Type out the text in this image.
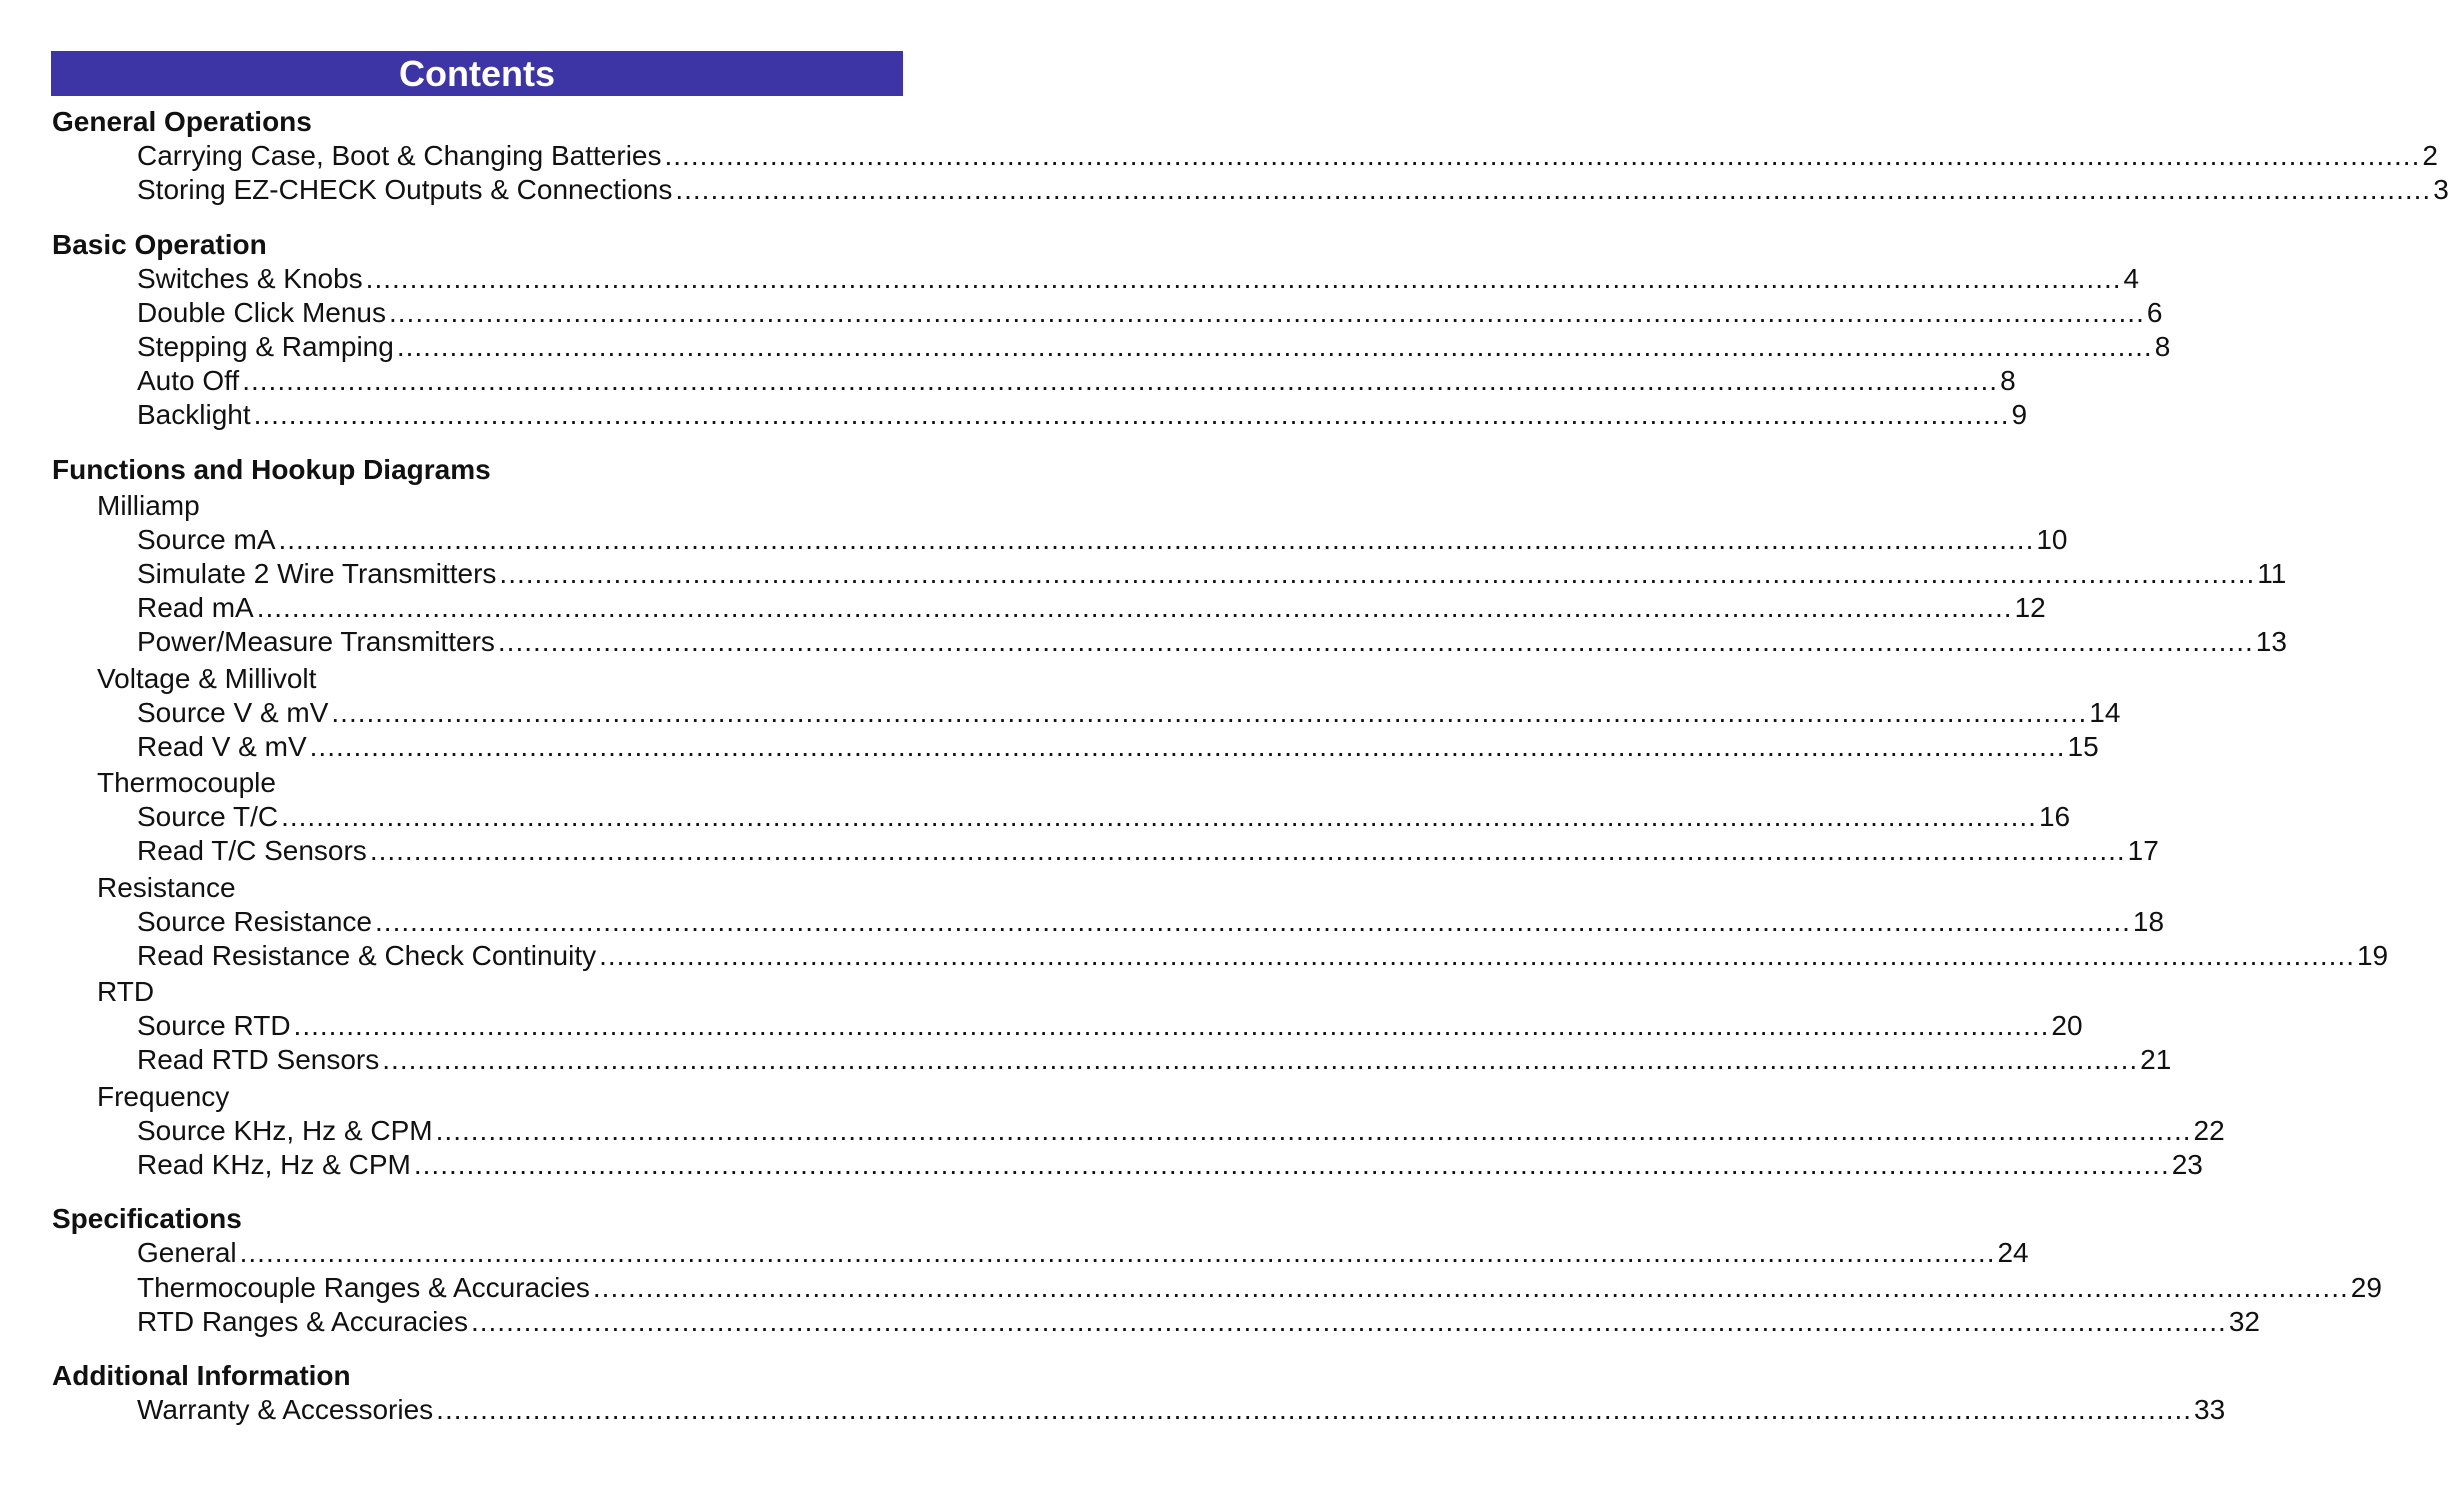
Contents
General Operations
Carrying Case, Boot & Changing Batteries ........................................................................................................................................................................................................ 2
Storing EZ-CHECK Outputs & Connections ........................................................................................................................................................................................................ 3
Basic Operation
Switches & Knobs ........................................................................................................................................................................................................ 4
Double Click Menus ........................................................................................................................................................................................................ 6
Stepping & Ramping ........................................................................................................................................................................................................ 8
Auto Off ........................................................................................................................................................................................................ 8
Backlight ........................................................................................................................................................................................................ 9
Functions and Hookup Diagrams
Milliamp
Source mA ........................................................................................................................................................................................................ 10
Simulate 2 Wire Transmitters ........................................................................................................................................................................................................ 11
Read mA ........................................................................................................................................................................................................ 12
Power/Measure Transmitters ........................................................................................................................................................................................................ 13
Voltage & Millivolt
Source V & mV ........................................................................................................................................................................................................ 14
Read V & mV ........................................................................................................................................................................................................ 15
Thermocouple
Source T/C ........................................................................................................................................................................................................ 16
Read T/C Sensors ........................................................................................................................................................................................................ 17
Resistance
Source Resistance ........................................................................................................................................................................................................ 18
Read Resistance & Check Continuity ........................................................................................................................................................................................................ 19
RTD
Source RTD ........................................................................................................................................................................................................ 20
Read RTD Sensors ........................................................................................................................................................................................................ 21
Frequency
Source KHz, Hz & CPM ........................................................................................................................................................................................................ 22
Read KHz, Hz & CPM ........................................................................................................................................................................................................ 23
Specifications
General ........................................................................................................................................................................................................ 24
Thermocouple Ranges & Accuracies ........................................................................................................................................................................................................ 29
RTD Ranges & Accuracies ........................................................................................................................................................................................................ 32
Additional Information
Warranty & Accessories ........................................................................................................................................................................................................ 33
